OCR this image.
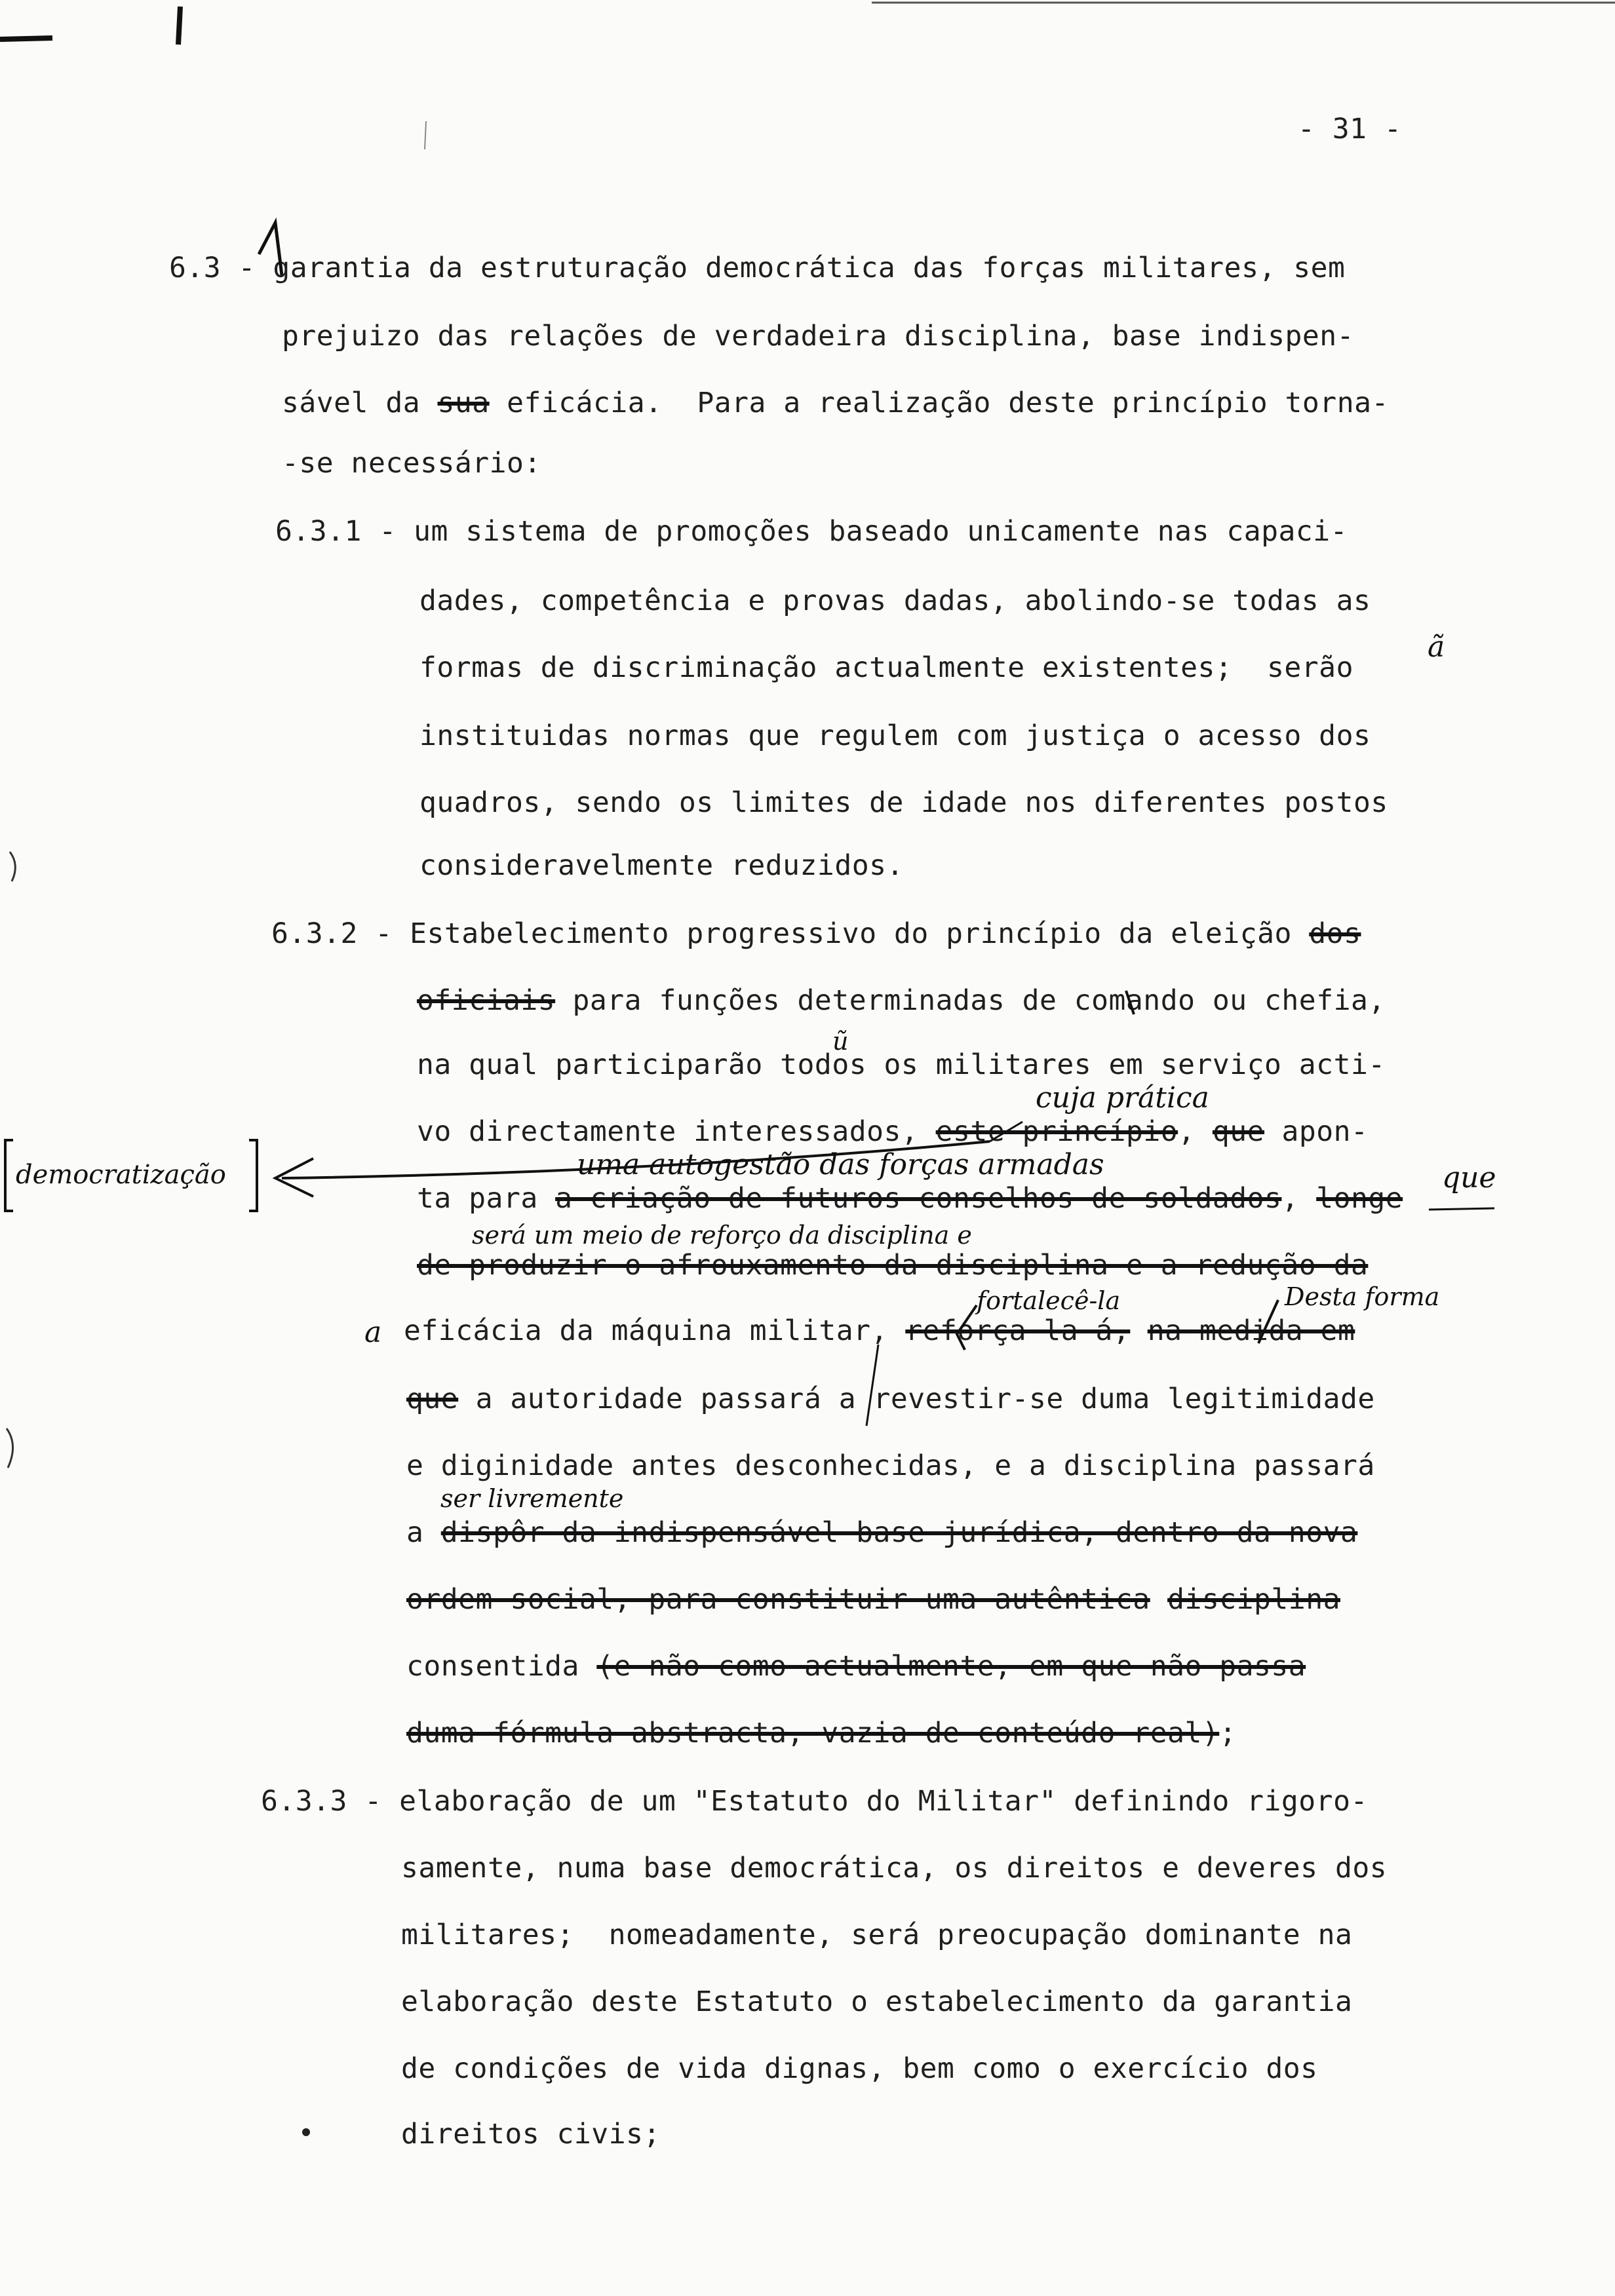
- 31 -
6.3 - garantia da estruturação democrática das forças militares, sem
prejuizo das relações de verdadeira disciplina, base indispen-
sável da sua eficácia.  Para a realização deste princípio torna-
-se necessário:
6.3.1 - um sistema de promoções baseado unicamente nas capaci-
dades, competência e provas dadas, abolindo-se todas as
formas de discriminação actualmente existentes;  serão
instituidas normas que regulem com justiça o acesso dos
quadros, sendo os limites de idade nos diferentes postos
consideravelmente reduzidos.
6.3.2 - Estabelecimento progressivo do princípio da eleição dos
oficiais para funções determinadas de comando ou chefia,
na qual participarão todos os militares em serviço acti-
vo directamente interessados, este princípio, que apon-
ta para a criação de futuros conselhos de soldados, longe
de produzir o afrouxamento da disciplina e a redução da
eficácia da máquina militar, reforça-la-á, na medida em
que a autoridade passará a revestir-se duma legitimidade
e diginidade antes desconhecidas, e a disciplina passará
a dispôr da indispensável base jurídica, dentro da nova
ordem social, para constituir uma autêntica disciplina
consentida (e não como actualmente, em que não passa
duma fórmula abstracta, vazia de conteúdo real);
6.3.3 - elaboração de um "Estatuto do Militar" definindo rigoro-
samente, numa base democrática, os direitos e deveres dos
militares;  nomeadamente, será preocupação dominante na
elaboração deste Estatuto o estabelecimento da garantia
de condições de vida dignas, bem como o exercício dos
direitos civis;
ũ
cuja prática
uma autogestão das forças armadas	que
será um meio de reforço da disciplina e
a
fortalecê-la	Desta forma
ser livremente
ã
democratização
